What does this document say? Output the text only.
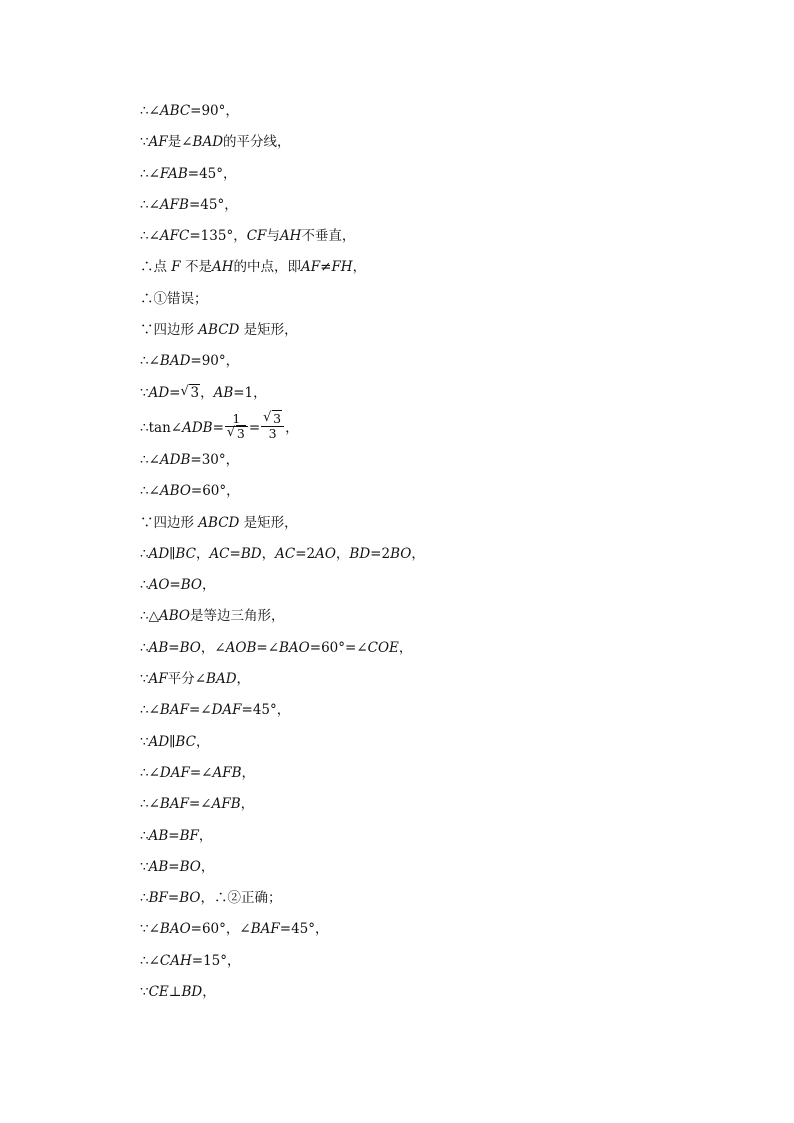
∴∠ABC=90°，
∵AF是∠BAD的平分线，
∴∠FAB=45°，
∴∠AFB=45°，
∴∠AFC=135°，CF与AH不垂直，
∴点 F 不是AH的中点，即AF≠FH，
∴①错误；
∵四边形 ABCD 是矩形，
∴∠BAD=90°，
∵AD= √ 3，AB=1，
∴tan∠ADB= $\frac{1}{√ 3} = \frac{√ 3}{3}$ ，
∴∠ADB=30°，
∴∠ABO=60°，
∵四边形 ABCD 是矩形，
∴AD∥BC，AC=BD，AC=2AO，BD=2BO，
∴AO=BO，
∴△ABO是等边三角形，
∴AB=BO，∠AOB=∠BAO=60°=∠COE，
∵AF平分∠BAD，
∴∠BAF=∠DAF=45°，
∵AD∥BC，
∴∠DAF=∠AFB，
∴∠BAF=∠AFB，
∴AB=BF，
∵AB=BO，
∴BF=BO，∴②正确；
∵∠BAO=60°，∠BAF=45°，
∴∠CAH=15°，
∵CE⊥BD，
